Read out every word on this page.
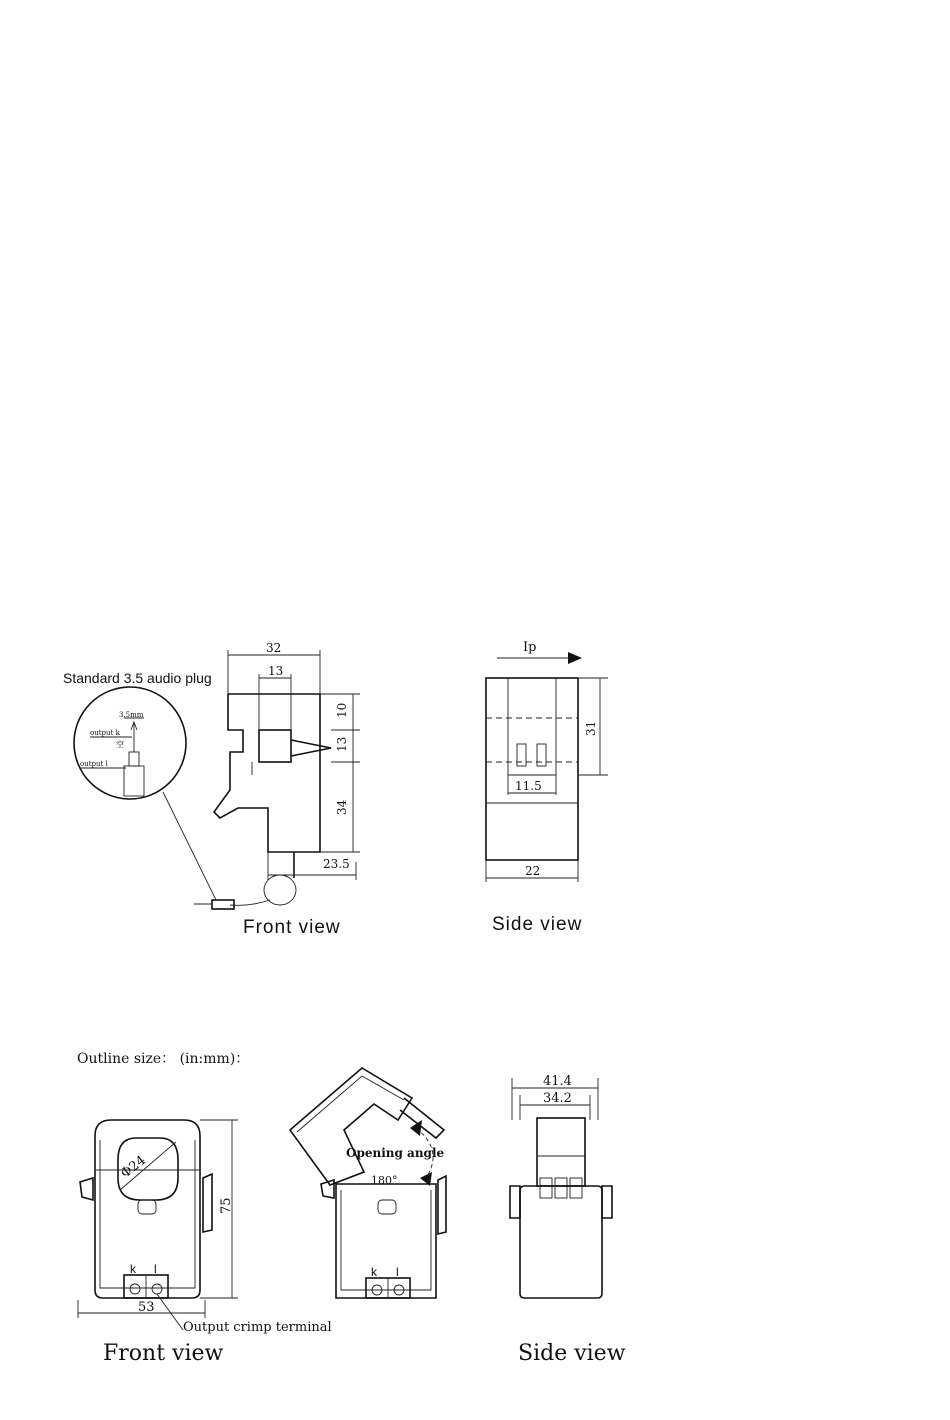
Standard 3.5 audio plug
3.5mm
output k
空
output l
32
13
10
13
34
23.5
Front view
Ip
31
11.5
22
Side view
Outline size： (in:mm)：
Φ24
k l
75
53
Output crimp terminal
k l
Opening angle
180°
41.4
34.2
Front view	Side view
